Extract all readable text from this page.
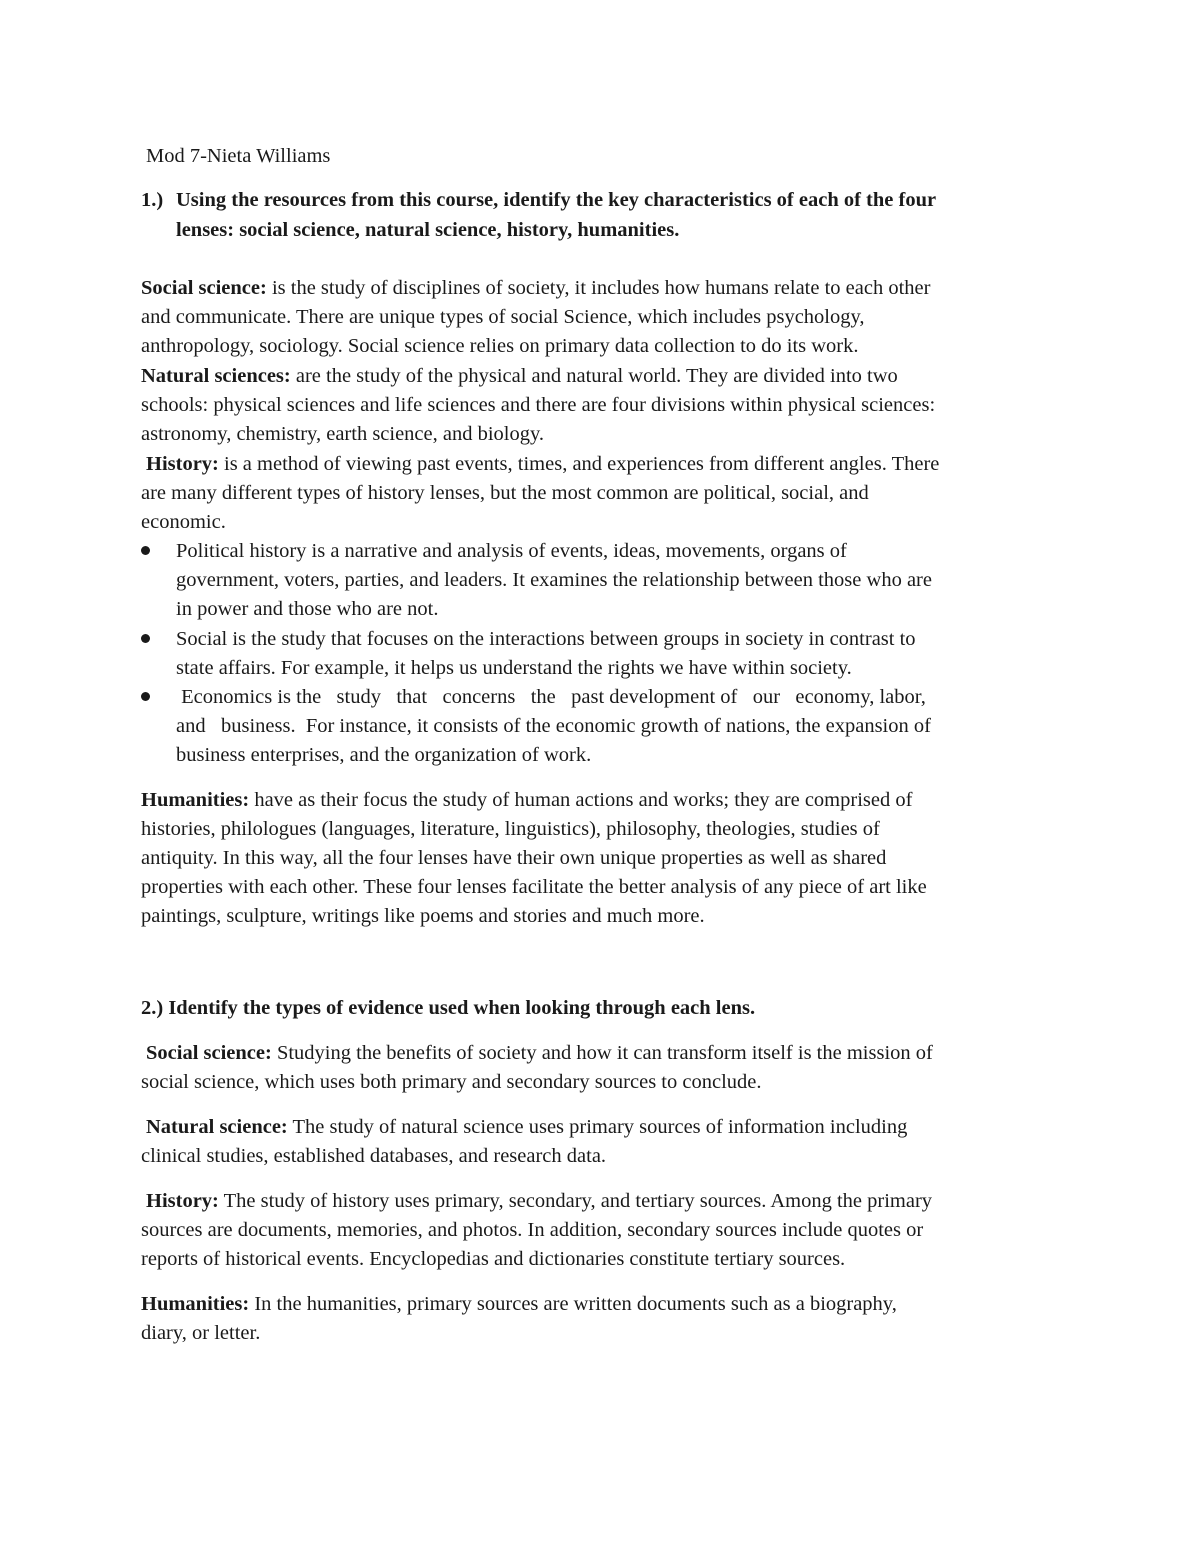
Mod 7-Nieta Williams
1.) Using the resources from this course, identify the key characteristics of each of the four
lenses: social science, natural science, history, humanities.
Social science: is the study of disciplines of society, it includes how humans relate to each other
and communicate. There are unique types of social Science, which includes psychology,
anthropology, sociology. Social science relies on primary data collection to do its work.
Natural sciences: are the study of the physical and natural world. They are divided into two
schools: physical sciences and life sciences and there are four divisions within physical sciences:
astronomy, chemistry, earth science, and biology.
History: is a method of viewing past events, times, and experiences from different angles. There
are many different types of history lenses, but the most common are political, social, and
economic.
Political history is a narrative and analysis of events, ideas, movements, organs of
government, voters, parties, and leaders. It examines the relationship between those who are
in power and those who are not.
Social is the study that focuses on the interactions between groups in society in contrast to
state affairs. For example, it helps us understand the rights we have within society.
Economics is the   study   that   concerns   the   past development of   our   economy, labor,
and   business.  For instance, it consists of the economic growth of nations, the expansion of
business enterprises, and the organization of work.
Humanities: have as their focus the study of human actions and works; they are comprised of
histories, philologues (languages, literature, linguistics), philosophy, theologies, studies of
antiquity. In this way, all the four lenses have their own unique properties as well as shared
properties with each other. These four lenses facilitate the better analysis of any piece of art like
paintings, sculpture, writings like poems and stories and much more.
2.) Identify the types of evidence used when looking through each lens.
Social science: Studying the benefits of society and how it can transform itself is the mission of
social science, which uses both primary and secondary sources to conclude.
Natural science: The study of natural science uses primary sources of information including
clinical studies, established databases, and research data.
History: The study of history uses primary, secondary, and tertiary sources. Among the primary
sources are documents, memories, and photos. In addition, secondary sources include quotes or
reports of historical events. Encyclopedias and dictionaries constitute tertiary sources.
Humanities: In the humanities, primary sources are written documents such as a biography,
diary, or letter.
